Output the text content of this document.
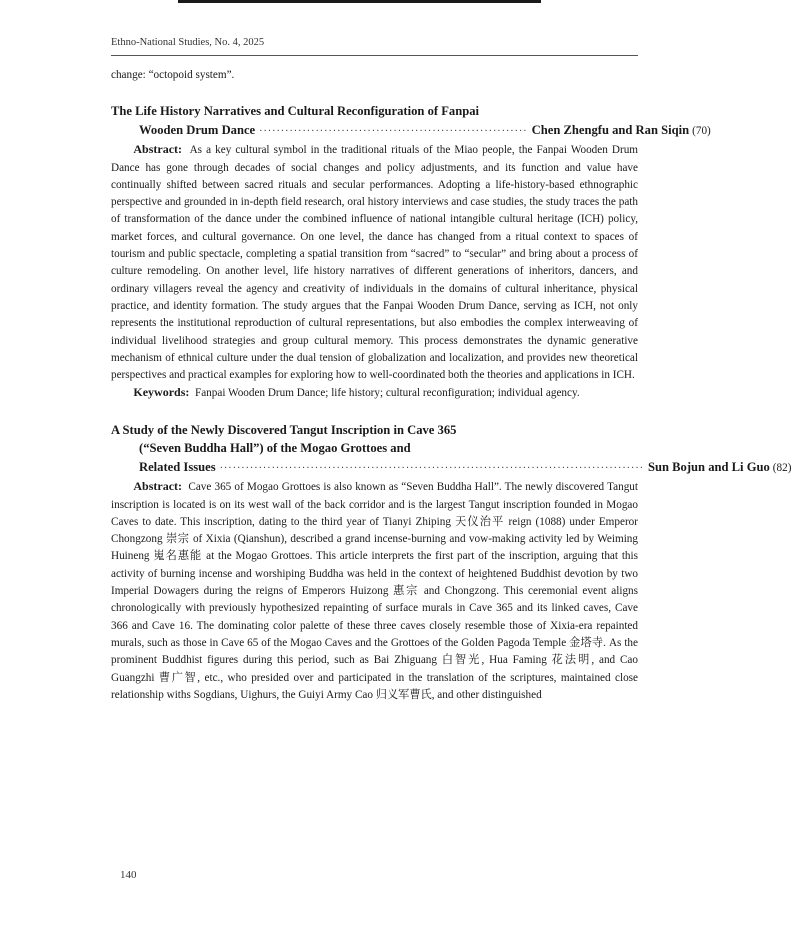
Ethno-National Studies, No. 4, 2025

change: “octopoid system”.

The Life History Narratives and Cultural Reconfiguration of Fanpai

Wooden Drum Dance ······························································ Chen Zhengfu and Ran Siqin (70)

Abstract: As a key cultural symbol in the traditional rituals of the Miao people, the Fanpai Wooden Drum Dance has gone through decades of social changes and policy adjustments, and its function and value have continually shifted between sacred rituals and secular performances. Adopting a life-history-based ethnographic perspective and grounded in in-depth field research, oral history interviews and case studies, the study traces the path of transformation of the dance under the combined influence of national intangible cultural heritage (ICH) policy, market forces, and cultural governance. On one level, the dance has changed from a ritual context to spaces of tourism and public spectacle, completing a spatial transition from “sacred” to “secular” and bring about a process of culture remodeling. On another level, life history narratives of different generations of inheritors, dancers, and ordinary villagers reveal the agency and creativity of individuals in the domains of cultural inheritance, physical practice, and identity formation. The study argues that the Fanpai Wooden Drum Dance, serving as ICH, not only represents the institutional reproduction of cultural representations, but also embodies the complex interweaving of individual livelihood strategies and group cultural memory. This process demonstrates the dynamic generative mechanism of ethnical culture under the dual tension of globalization and localization, and provides new theoretical perspectives and practical examples for exploring how to well-coordinated both the theories and applications in ICH.

Keywords: Fanpai Wooden Drum Dance; life history; cultural reconfiguration; individual agency.

A Study of the Newly Discovered Tangut Inscription in Cave 365

(“Seven Buddha Hall”) of the Mogao Grottoes and

Related Issues ·································································································· Sun Bojun and Li Guo (82)

Abstract: Cave 365 of Mogao Grottoes is also known as “Seven Buddha Hall”. The newly discovered Tangut inscription is located is on its west wall of the back corridor and is the largest Tangut inscription founded in Mogao Caves to date. This inscription, dating to the third year of Tianyi Zhiping 天仪治平 reign (1088) under Emperor Chongzong 崇宗 of Xixia (Qianshun), described a grand incense-burning and vow-making activity led by Weiming Huineng 嵬名惠能 at the Mogao Grottoes. This article interprets the first part of the inscription, arguing that this activity of burning incense and worshiping Buddha was held in the context of heightened Buddhist devotion by two Imperial Dowagers during the reigns of Emperors Huizong 惠宗 and Chongzong. This ceremonial event aligns chronologically with previously hypothesized repainting of surface murals in Cave 365 and its linked caves, Cave 366 and Cave 16. The dominating color palette of these three caves closely resemble those of Xixia-era repainted murals, such as those in Cave 65 of the Mogao Caves and the Grottoes of the Golden Pagoda Temple 金塔寺. As the prominent Buddhist figures during this period, such as Bai Zhiguang 白智光, Hua Faming 花法明, and Cao Guangzhi 曹广智, etc., who presided over and participated in the translation of the scriptures, maintained close relationship withs Sogdians, Uighurs, the Guiyi Army Cao 归义军曹氏, and other distinguished

140
